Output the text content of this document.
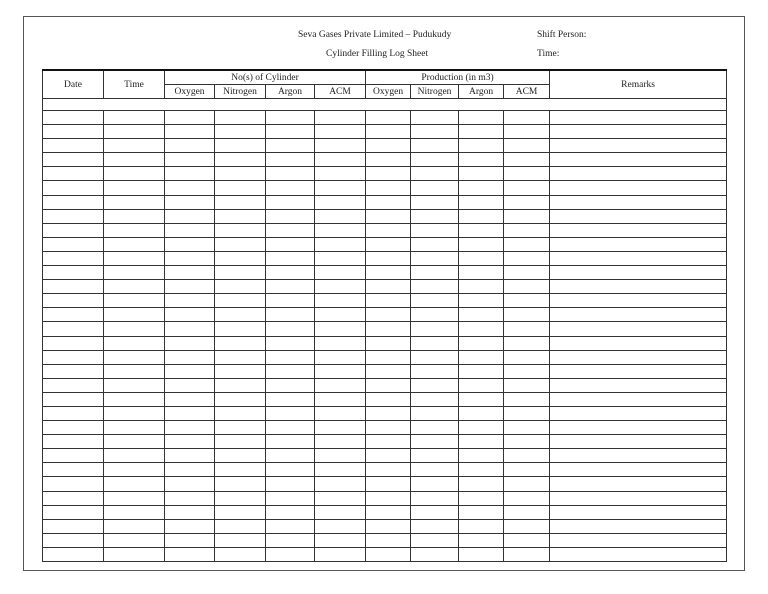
Seva Gases Private Limited – Pudukudy
Cylinder Filling Log Sheet
Shift Person:
Time:
Date	Time	No(s) of Cylinder				Production (in m3)				Remarks
		Oxygen	Nitrogen	Argon	ACM	Oxygen	Nitrogen	Argon	ACM	
